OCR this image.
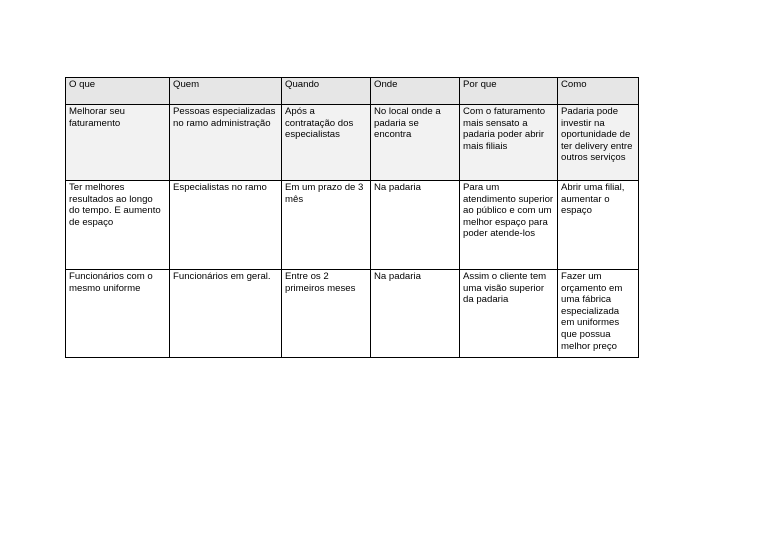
O que	Quem	Quando	Onde	Por que	Como
Melhorar seu faturamento	Pessoas especializadas no ramo administração	Após a contratação dos especialistas	No local onde a padaria se encontra	Com o faturamento mais sensato a padaria poder abrir mais filiais	Padaria pode investir na oportunidade de ter delivery entre outros serviços
Ter melhores resultados ao longo do tempo. E aumento de espaço	Especialistas no ramo	Em um prazo de 3 mês	Na padaria	Para um atendimento superior ao público e com um melhor espaço para poder atende-los	Abrir uma filial, aumentar o espaço
Funcionários com o mesmo uniforme	Funcionários em geral.	Entre os 2 primeiros meses	Na padaria	Assim o cliente tem uma visão superior da padaria	Fazer um orçamento em uma fábrica especializada em uniformes que possua melhor preço
